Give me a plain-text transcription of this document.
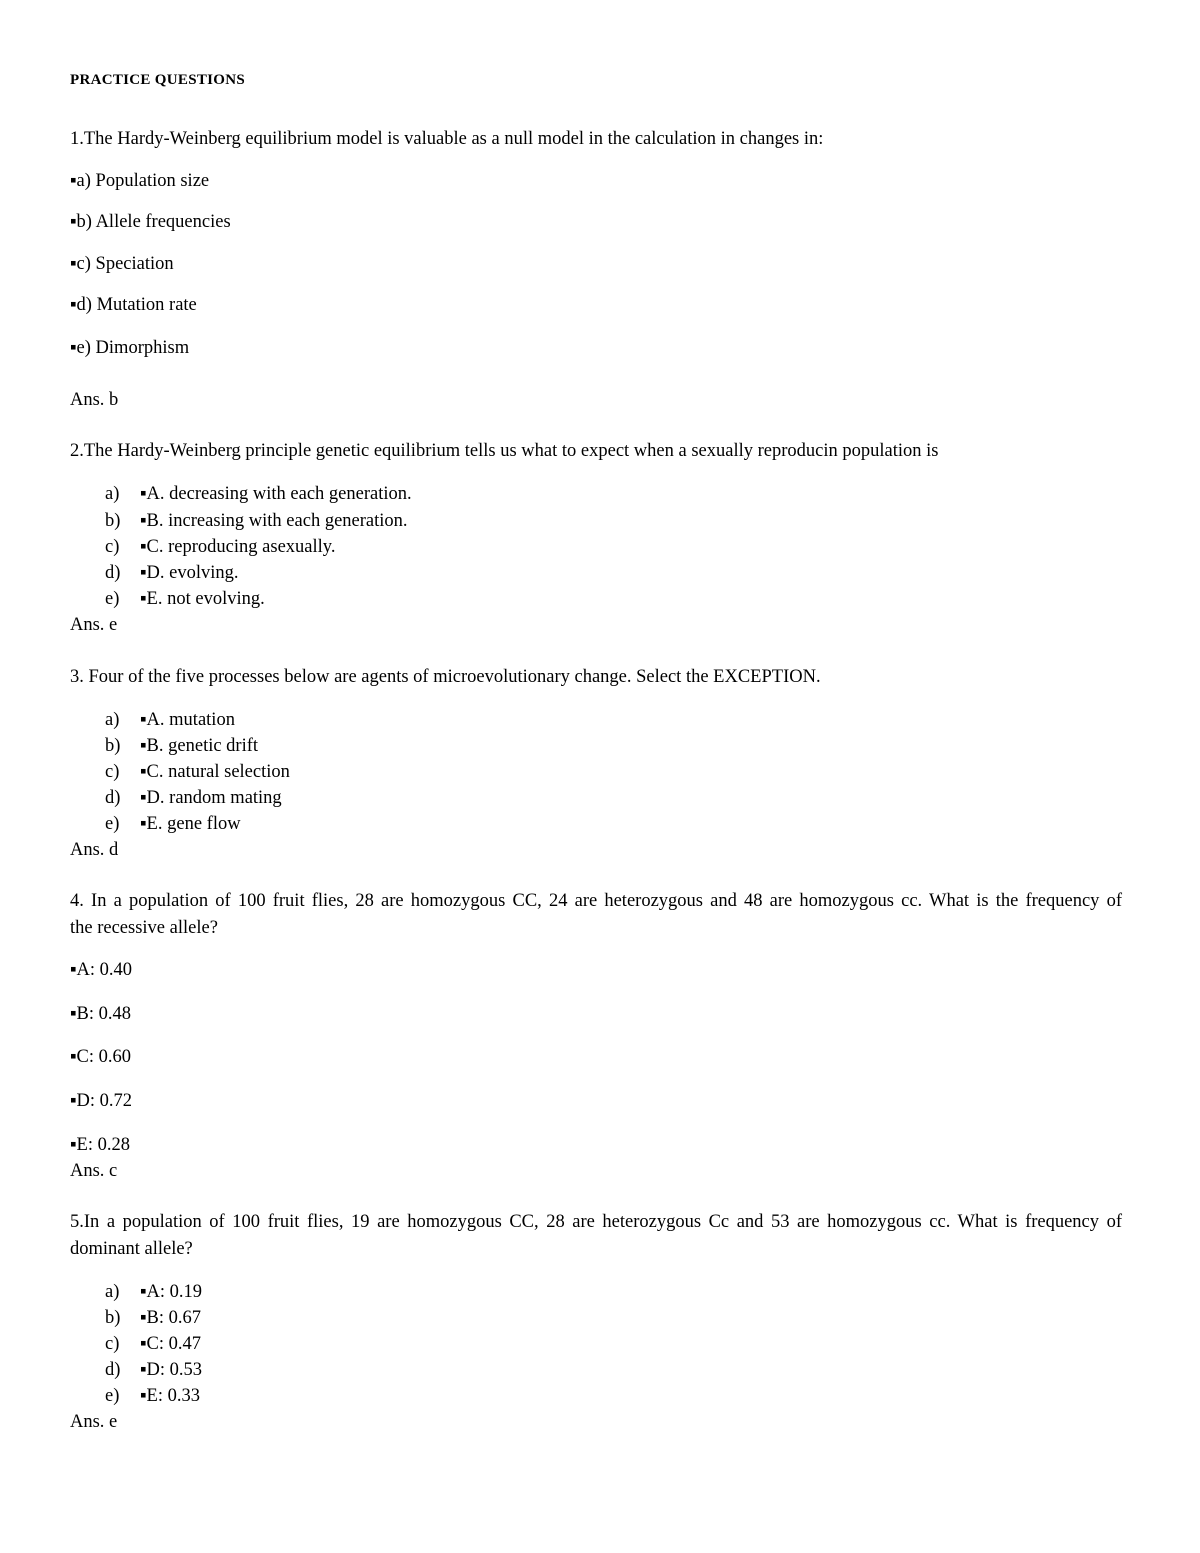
PRACTICE QUESTIONS
1.The Hardy-Weinberg equilibrium model is valuable as a null model in the calculation in changes in:
▪a) Population size
▪b) Allele frequencies
▪c) Speciation
▪d) Mutation rate
▪e) Dimorphism
Ans. b
2.The Hardy-Weinberg principle genetic equilibrium tells us what to expect when a sexually reproducin population is
a) ▪A. decreasing with each generation.
b) ▪B. increasing with each generation.
c) ▪C. reproducing asexually.
d) ▪D. evolving.
e) ▪E. not evolving.
Ans. e
3. Four of the five processes below are agents of microevolutionary change. Select the EXCEPTION.
a) ▪A. mutation
b) ▪B. genetic drift
c) ▪C. natural selection
d) ▪D. random mating
e) ▪E. gene flow
Ans. d
4. In a population of 100 fruit flies, 28 are homozygous CC, 24 are heterozygous and 48 are homozygous cc. What is the frequency of
the recessive allele?
▪A: 0.40
▪B: 0.48
▪C: 0.60
▪D: 0.72
▪E: 0.28
Ans. c
5.In a population of 100 fruit flies, 19 are homozygous CC, 28 are heterozygous Cc and 53 are homozygous cc. What is frequency of
dominant allele?
a) ▪A: 0.19
b) ▪B: 0.67
c) ▪C: 0.47
d) ▪D: 0.53
e) ▪E: 0.33
Ans. e
